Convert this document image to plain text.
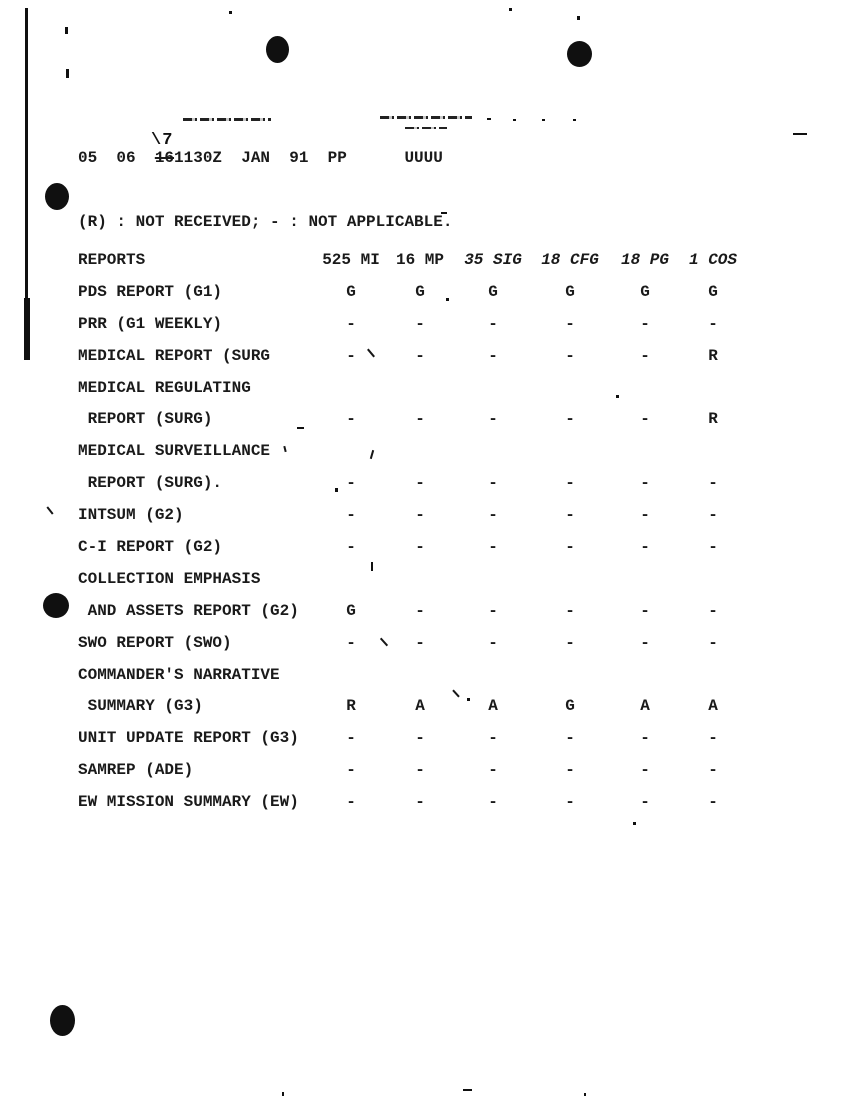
\7
05  06  161130Z  JAN  91  PP      UUUU
(R) : NOT RECEIVED; - : NOT APPLICABLE.
REPORTS	525 MI	16 MP	35 SIG	18 CFG	18 PG	1 COS
PDS REPORT (G1)	G	G	G	G	G	G
PRR (G1 WEEKLY)	-	-	-	-	-	-
MEDICAL REPORT (SURG	-	-	-	-	-	R
MEDICAL REGULATING
REPORT (SURG)	-	-	-	-	-	R
MEDICAL SURVEILLANCE
REPORT (SURG).	-	-	-	-	-	-
INTSUM (G2)	-	-	-	-	-	-
C-I REPORT (G2)	-	-	-	-	-	-
COLLECTION EMPHASIS
AND ASSETS REPORT (G2)	G	-	-	-	-	-
SWO REPORT (SWO)	-	-	-	-	-	-
COMMANDER'S NARRATIVE
SUMMARY (G3)	R	A	A	G	A	A
UNIT UPDATE REPORT (G3)	-	-	-	-	-	-
SAMREP (ADE)	-	-	-	-	-	-
EW MISSION SUMMARY (EW)	-	-	-	-	-	-
